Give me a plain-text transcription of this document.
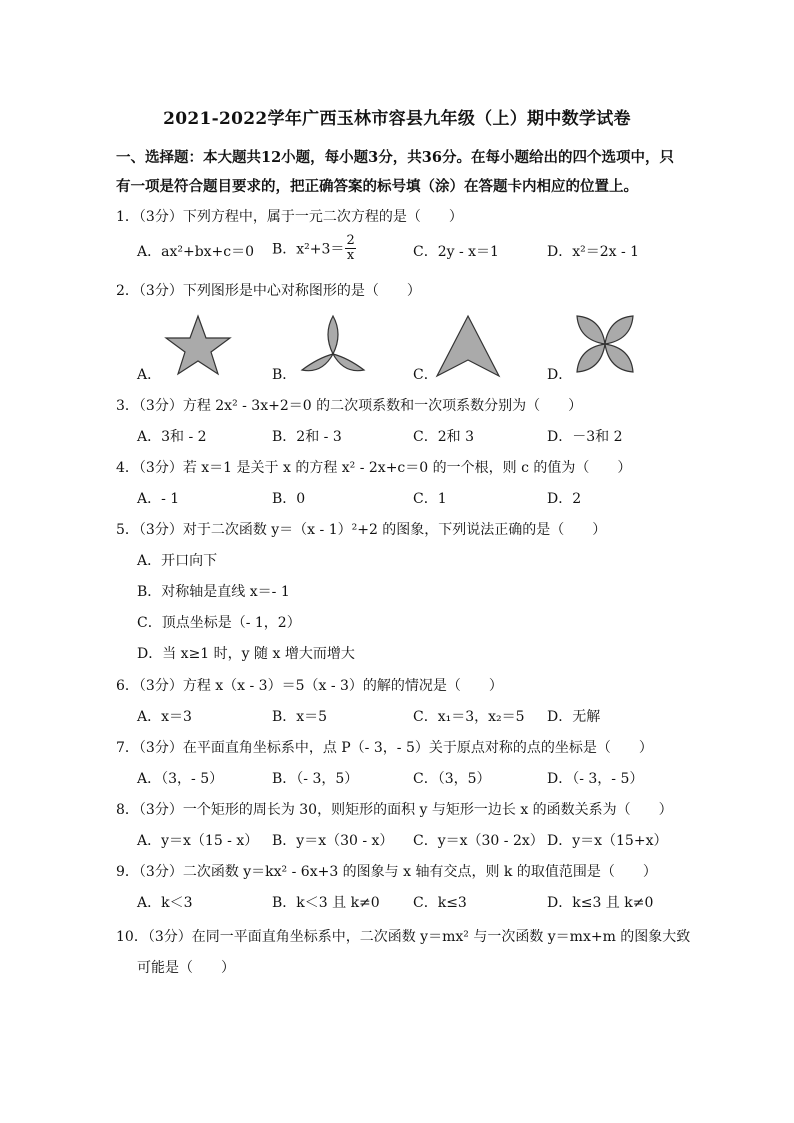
2021-2022学年广西玉林市容县九年级（上）期中数学试卷
一、选择题：本大题共12小题，每小题3分，共36分。在每小题给出的四个选项中，只有一项是符合题目要求的，把正确答案的标号填（涂）在答题卡内相应的位置上。
1．（3分）下列方程中，属于一元二次方程的是（　　）
A．ax²+bx+c＝0 B．$x^2+3= \frac{2}{x}$	C．2y - x＝1	D．x²＝2x - 1
2．（3分）下列图形是中心对称图形的是（　　）
A．	B．	C．	D．
3．（3分）方程 2x² - 3x+2＝0 的二次项系数和一次项系数分别为（　　）
A．3和 - 2	B．2和 - 3	C．2和 3	D．－3和 2
4．（3分）若 x＝1 是关于 x 的方程 x² - 2x+c＝0 的一个根，则 c 的值为（　　）
A．- 1	B．0	C．1	D．2
5．（3分）对于二次函数 y＝（x - 1）²+2 的图象，下列说法正确的是（　　）
A．开口向下
B．对称轴是直线 x＝- 1
C．顶点坐标是（- 1，2）
D．当 x≥1 时，y 随 x 增大而增大
6．（3分）方程 x（x - 3）＝5（x - 3）的解的情况是（　　）
A．x＝3	B．x＝5	C．x₁＝3，x₂＝5 D．无解
7．（3分）在平面直角坐标系中，点 P（- 3，- 5）关于原点对称的点的坐标是（　　）
A．（3，- 5）	B．（- 3，5）	C．（3，5）	D．（- 3，- 5）
8．（3分）一个矩形的周长为 30，则矩形的面积 y 与矩形一边长 x 的函数关系为（　　）
A．y＝x（15 - x） B．y＝x（30 - x） C．y＝x（30 - 2x） D．y＝x（15+x）
9．（3分）二次函数 y＝kx² - 6x+3 的图象与 x 轴有交点，则 k 的取值范围是（　　）
A．k＜3	B．k＜3 且 k≠0 C．k≤3	D．k≤3 且 k≠0
10．（3分）在同一平面直角坐标系中，二次函数 y＝mx² 与一次函数 y＝mx+m 的图象大致
可能是（　　）
